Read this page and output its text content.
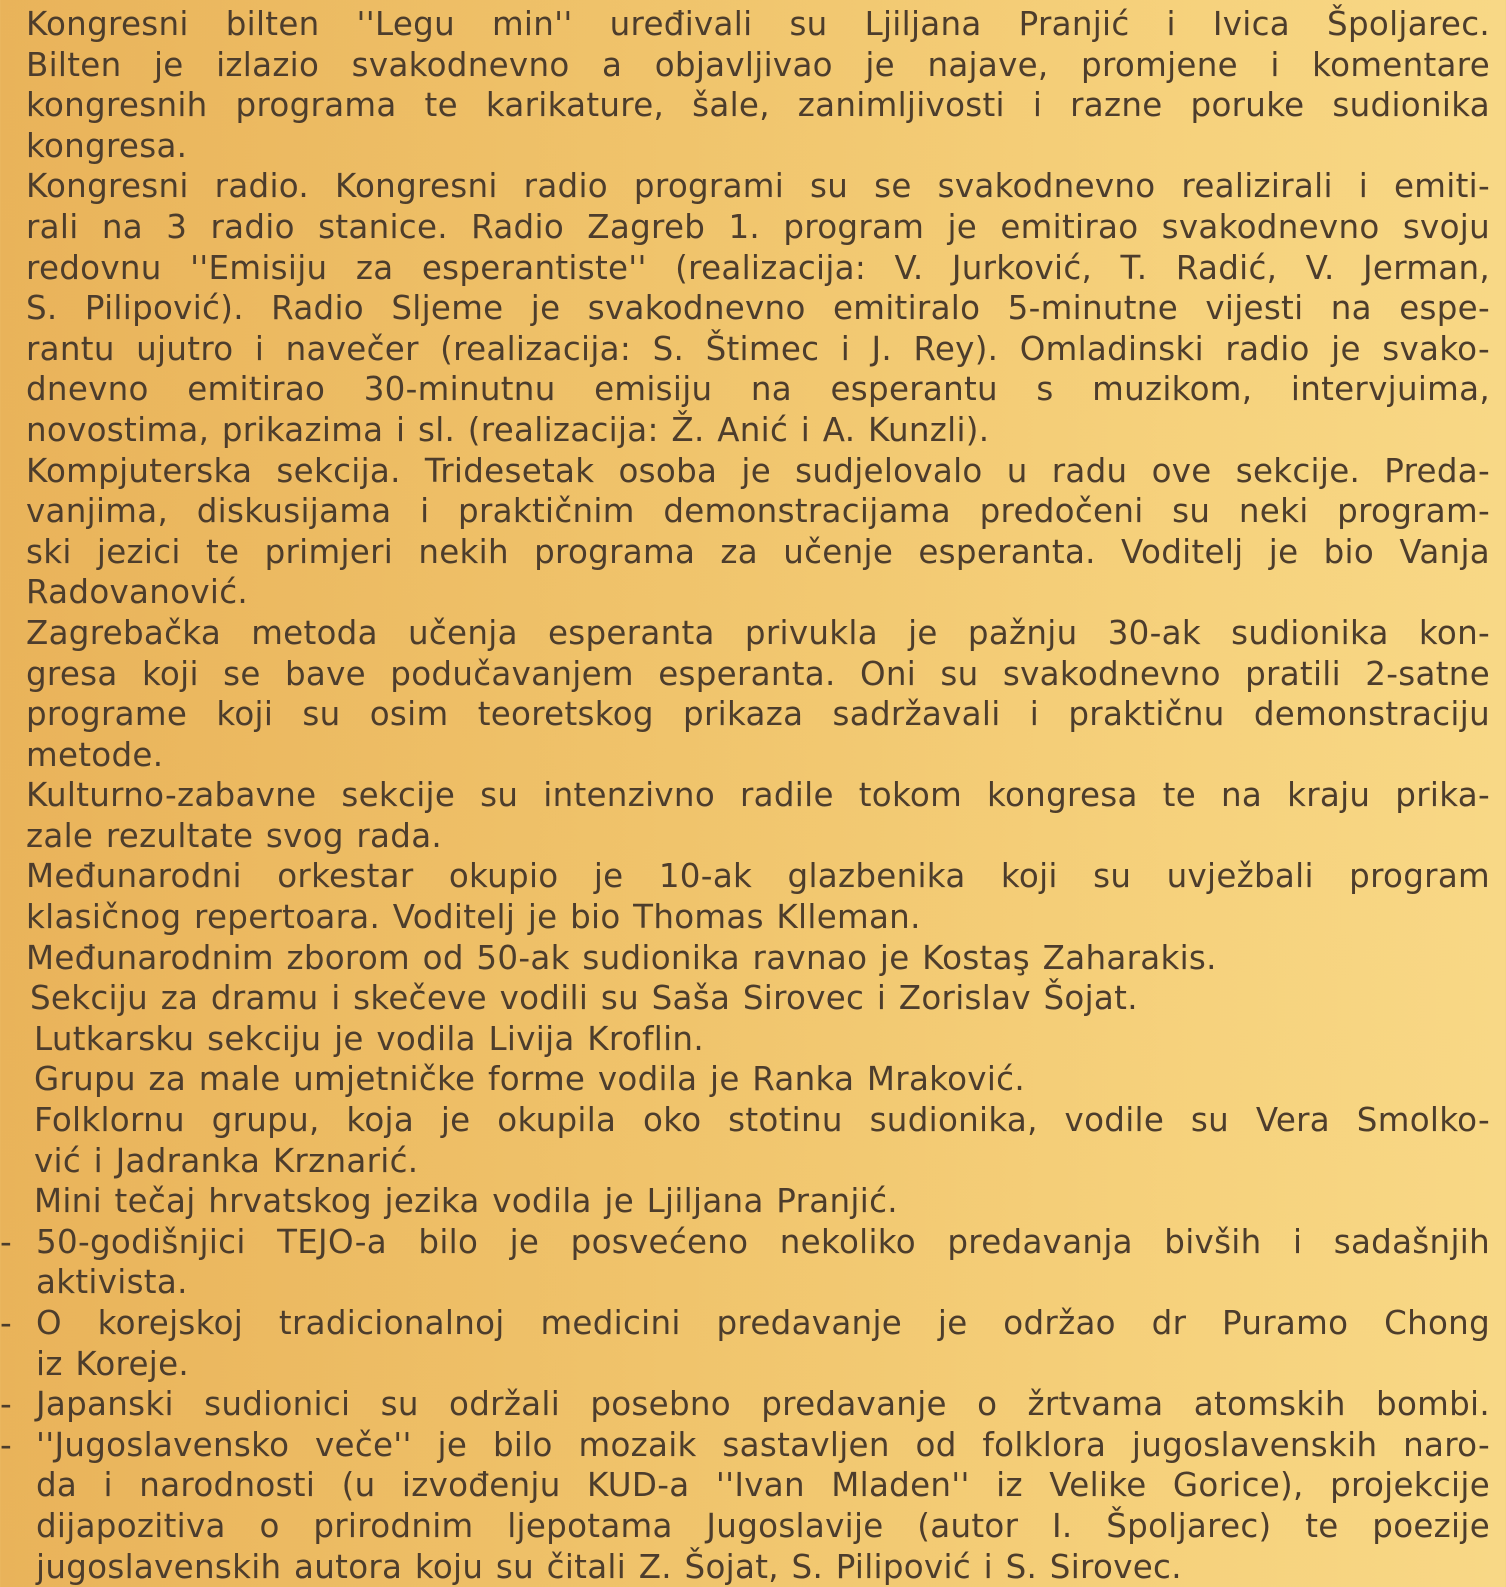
Kongresni bilten ''Legu min'' uređivali su Ljiljana Pranjić i Ivica Špoljarec.
Bilten je izlazio svakodnevno a objavljivao je najave, promjene i komentare
kongresnih programa te karikature, šale, zanimljivosti i razne poruke sudionika
kongresa.
Kongresni radio. Kongresni radio programi su se svakodnevno realizirali i emiti-
rali na 3 radio stanice. Radio Zagreb 1. program je emitirao svakodnevno svoju
redovnu ''Emisiju za esperantiste'' (realizacija: V. Jurković, T. Radić, V. Jerman,
S. Pilipović). Radio Sljeme je svakodnevno emitiralo 5-minutne vijesti na espe-
rantu ujutro i navečer (realizacija: S. Štimec i J. Rey). Omladinski radio je svako-
dnevno emitirao 30-minutnu emisiju na esperantu s muzikom, intervjuima,
novostima, prikazima i sl. (realizacija: Ž. Anić i A. Kunzli).
Kompjuterska sekcija. Tridesetak osoba je sudjelovalo u radu ove sekcije. Preda-
vanjima, diskusijama i praktičnim demonstracijama predočeni su neki program-
ski jezici te primjeri nekih programa za učenje esperanta. Voditelj je bio Vanja
Radovanović.
Zagrebačka metoda učenja esperanta privukla je pažnju 30-ak sudionika kon-
gresa koji se bave podučavanjem esperanta. Oni su svakodnevno pratili 2-satne
programe koji su osim teoretskog prikaza sadržavali i praktičnu demonstraciju
metode.
Kulturno-zabavne sekcije su intenzivno radile tokom kongresa te na kraju prika-
zale rezultate svog rada.
Međunarodni orkestar okupio je 10-ak glazbenika koji su uvježbali program
klasičnog repertoara. Voditelj je bio Thomas Klleman.
Međunarodnim zborom od 50-ak sudionika ravnao je Kostaş Zaharakis.
Sekciju za dramu i skečeve vodili su Saša Sirovec i Zorislav Šojat.
Lutkarsku sekciju je vodila Livija Kroflin.
Grupu za male umjetničke forme vodila je Ranka Mraković.
Folklornu grupu, koja je okupila oko stotinu sudionika, vodile su Vera Smolko-
vić i Jadranka Krznarić.
Mini tečaj hrvatskog jezika vodila je Ljiljana Pranjić.
- 50-godišnjici TEJO-a bilo je posvećeno nekoliko predavanja bivših i sadašnjih
aktivista.
- O korejskoj tradicionalnoj medicini predavanje je održao dr Puramo Chong
iz Koreje.
- Japanski sudionici su održali posebno predavanje o žrtvama atomskih bombi.
- ''Jugoslavensko veče'' je bilo mozaik sastavljen od folklora jugoslavenskih naro-
da i narodnosti (u izvođenju KUD-a ''Ivan Mladen'' iz Velike Gorice), projekcije
dijapozitiva o prirodnim ljepotama Jugoslavije (autor I. Špoljarec) te poezije
jugoslavenskih autora koju su čitali Z. Šojat, S. Pilipović i S. Sirovec.
